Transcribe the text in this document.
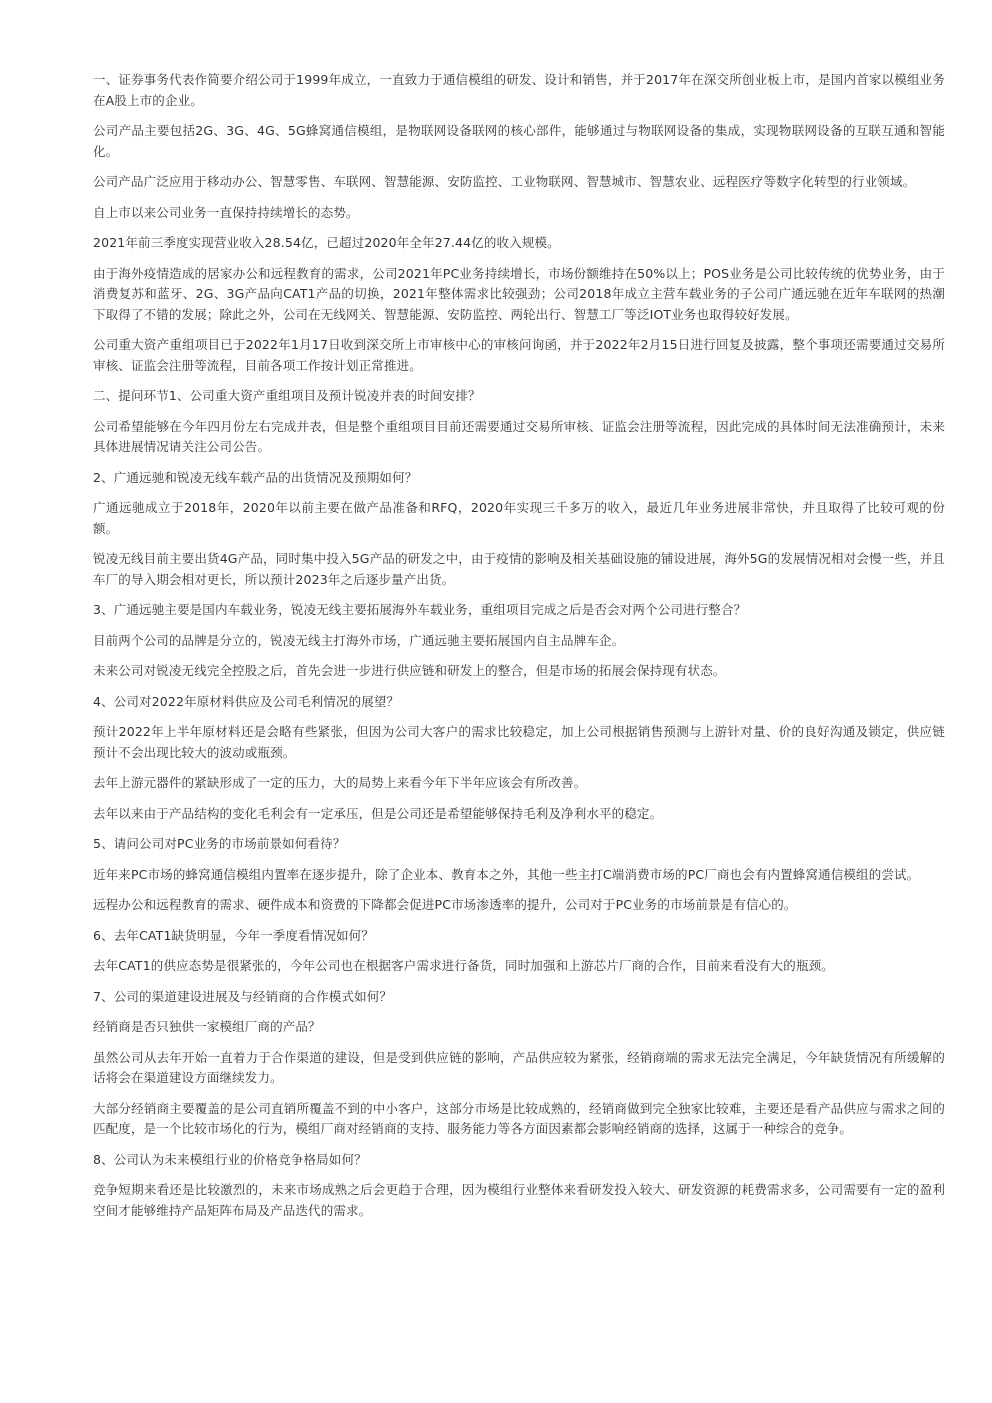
一、证券事务代表作简要介绍公司于1999年成立，一直致力于通信模组的研发、设计和销售，并于2017年在深交所创业板上市，是国内首家以模组业务在A股上市的企业。

公司产品主要包括2G、3G、4G、5G蜂窝通信模组，是物联网设备联网的核心部件，能够通过与物联网设备的集成，实现物联网设备的互联互通和智能化。

公司产品广泛应用于移动办公、智慧零售、车联网、智慧能源、安防监控、工业物联网、智慧城市、智慧农业、远程医疗等数字化转型的行业领域。

自上市以来公司业务一直保持持续增长的态势。

2021年前三季度实现营业收入28.54亿，已超过2020年全年27.44亿的收入规模。

由于海外疫情造成的居家办公和远程教育的需求，公司2021年PC业务持续增长，市场份额维持在50%以上；POS业务是公司比较传统的优势业务，由于消费复苏和蓝牙、2G、3G产品向CAT1产品的切换，2021年整体需求比较强劲；公司2018年成立主营车载业务的子公司广通远驰在近年车联网的热潮下取得了不错的发展；除此之外，公司在无线网关、智慧能源、安防监控、两轮出行、智慧工厂等泛IOT业务也取得较好发展。

公司重大资产重组项目已于2022年1月17日收到深交所上市审核中心的审核问询函，并于2022年2月15日进行回复及披露，整个事项还需要通过交易所审核、证监会注册等流程，目前各项工作按计划正常推进。

二、提问环节1、公司重大资产重组项目及预计锐凌并表的时间安排？

公司希望能够在今年四月份左右完成并表，但是整个重组项目目前还需要通过交易所审核、证监会注册等流程，因此完成的具体时间无法准确预计，未来具体进展情况请关注公司公告。

2、广通远驰和锐凌无线车载产品的出货情况及预期如何？

广通远驰成立于2018年，2020年以前主要在做产品准备和RFQ，2020年实现三千多万的收入，最近几年业务进展非常快，并且取得了比较可观的份额。

锐凌无线目前主要出货4G产品，同时集中投入5G产品的研发之中，由于疫情的影响及相关基础设施的铺设进展，海外5G的发展情况相对会慢一些，并且车厂的导入期会相对更长，所以预计2023年之后逐步量产出货。

3、广通远驰主要是国内车载业务，锐凌无线主要拓展海外车载业务，重组项目完成之后是否会对两个公司进行整合？

目前两个公司的品牌是分立的，锐凌无线主打海外市场，广通远驰主要拓展国内自主品牌车企。

未来公司对锐凌无线完全控股之后，首先会进一步进行供应链和研发上的整合，但是市场的拓展会保持现有状态。

4、公司对2022年原材料供应及公司毛利情况的展望？

预计2022年上半年原材料还是会略有些紧张，但因为公司大客户的需求比较稳定，加上公司根据销售预测与上游针对量、价的良好沟通及锁定，供应链预计不会出现比较大的波动或瓶颈。

去年上游元器件的紧缺形成了一定的压力，大的局势上来看今年下半年应该会有所改善。

去年以来由于产品结构的变化毛利会有一定承压，但是公司还是希望能够保持毛利及净利水平的稳定。

5、请问公司对PC业务的市场前景如何看待？

近年来PC市场的蜂窝通信模组内置率在逐步提升，除了企业本、教育本之外，其他一些主打C端消费市场的PC厂商也会有内置蜂窝通信模组的尝试。

远程办公和远程教育的需求、硬件成本和资费的下降都会促进PC市场渗透率的提升，公司对于PC业务的市场前景是有信心的。

6、去年CAT1缺货明显，今年一季度看情况如何？

去年CAT1的供应态势是很紧张的，今年公司也在根据客户需求进行备货，同时加强和上游芯片厂商的合作，目前来看没有大的瓶颈。

7、公司的渠道建设进展及与经销商的合作模式如何？

经销商是否只独供一家模组厂商的产品？

虽然公司从去年开始一直着力于合作渠道的建设，但是受到供应链的影响，产品供应较为紧张，经销商端的需求无法完全满足，今年缺货情况有所缓解的话将会在渠道建设方面继续发力。

大部分经销商主要覆盖的是公司直销所覆盖不到的中小客户，这部分市场是比较成熟的，经销商做到完全独家比较难，主要还是看产品供应与需求之间的匹配度，是一个比较市场化的行为，模组厂商对经销商的支持、服务能力等各方面因素都会影响经销商的选择，这属于一种综合的竞争。

8、公司认为未来模组行业的价格竞争格局如何？

竞争短期来看还是比较激烈的，未来市场成熟之后会更趋于合理，因为模组行业整体来看研发投入较大、研发资源的耗费需求多，公司需要有一定的盈利空间才能够维持产品矩阵布局及产品迭代的需求。
